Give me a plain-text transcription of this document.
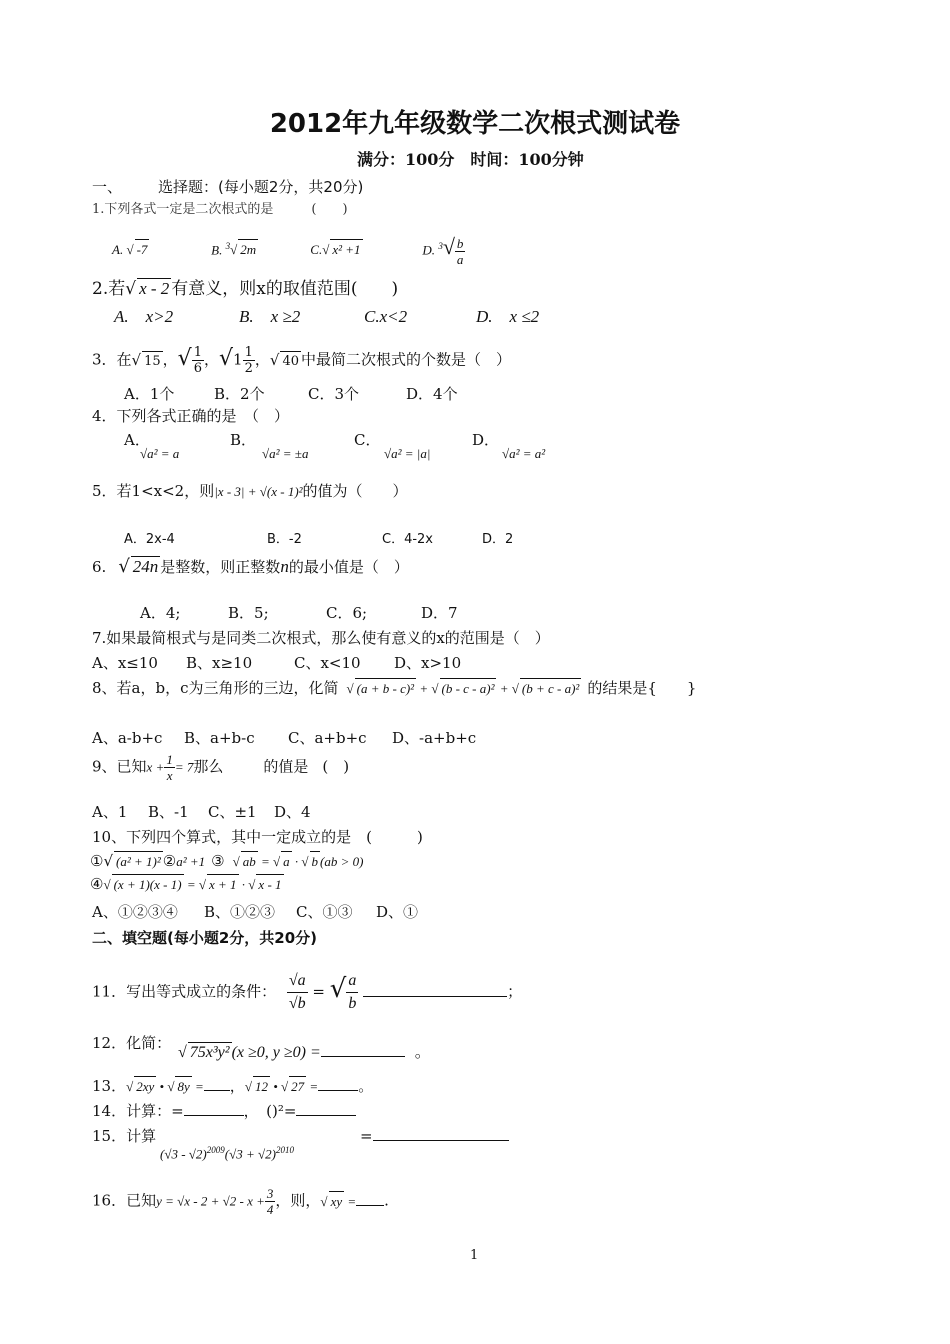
2012年九年级数学二次根式测试卷
满分：100分　时间：100分钟
一、 选择题：(每小题2分，共20分)
1.下列各式一定是二次根式的是	(　　)
A. √ -7	B. $^3$√ 2m	C.√ x² +1	D. $^3√ \frac{b}{a}$
2.若√ x - 2 有意义，则x的取值范围(　　)
A.　x>2	B.　x ≥2	C.x<2	D.　x ≤2
3．在√ 15 ，√ $\frac{1}{6}$ ，√ $1 \frac{1}{2}$ ，√ 40 中最简二次根式的个数是（　）
A．1个	B．2个	C．3个	D．4个
4．下列各式正确的是　（　）
A．	B．	C．	D．
√ a² = a√	a² = ±a√	a² = |a|√	a² = a²
5．若1<x<2，则|x - 3| + √(x - 1)²的值为（　　）
A．2x-4	B．-2	C．4-2x	D．2
6.√ 24n 是整数，则正整数n的最小值是（　）
A．4;	B．5;	C．6;	D．7
7.如果最简根式与是同类二次根式，那么使有意义的x的范围是（　）
A、x≤10 B、x≥10	C、x<10 D、x>10
8、若a，b，c为三角形的三边，化简√ (a + b - c)² + √ (b - c - a)² + √ (b + c - a)² 的结果是{　　}
A、a-b+c B、a+b-c C、a+b+c D、-a+b+c
9、已知$x + \frac{1}{x} = 7$那么	的值是 (　)
A、1 B、-1 C、±1 D、4
10、下列四个算式，其中一定成立的是　(　　　)
①√ (a² + 1)² ②a² +1 ③√ ab = √ a · √ b (ab > 0)
④√ (x + 1)(x - 1) = √ x + 1 · √ x - 1
A、①②③④ B、①②③ C、①③ D、①
二、填空题(每小题2分，共20分)
11．写出等式成立的条件：
√ a
√ b = √ $\frac{a}{b}$	；
12．化简：
√ 75x³y² (x ≥0, y ≥0) =	。
13．√ 2xy • √ 8y = ，√ 12 • √ 27 =	。
14．计算：=	，　()²=
15．计算
$(√3 - √2)^{2009}(√3 + √2)^{2010}$
=
16．已知$y = √x - 2 + √2 - x + \frac{3}{4}$ ，则，√ xy = .
1
